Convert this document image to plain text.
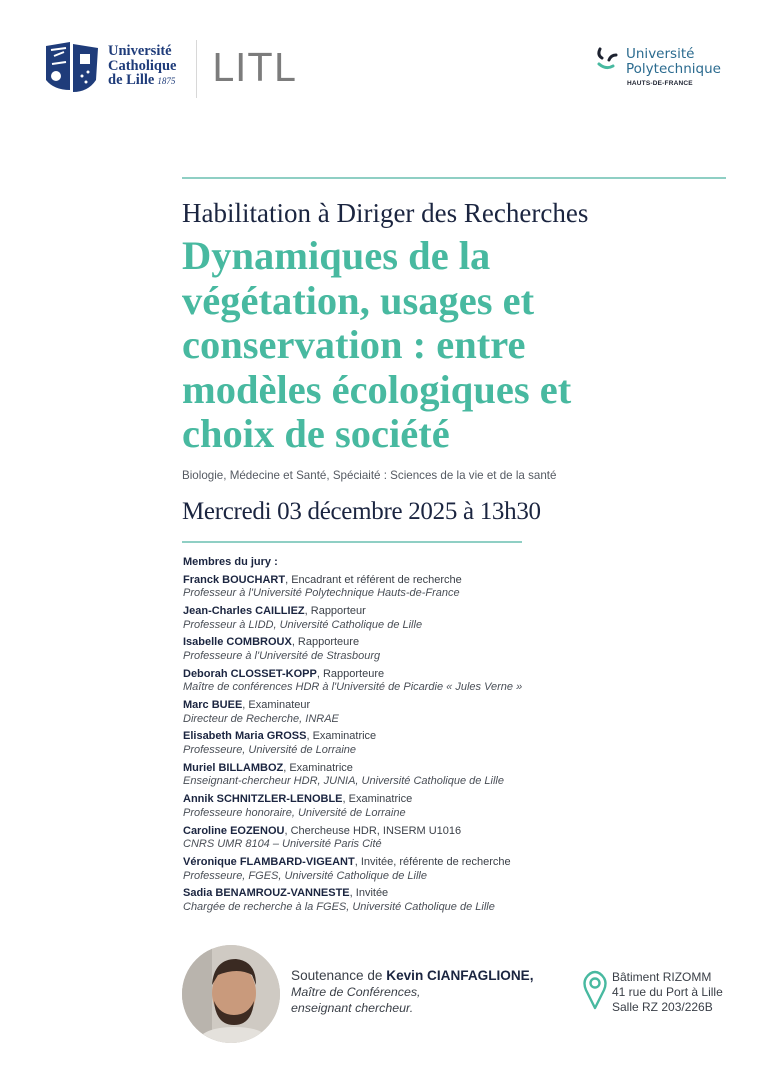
Université
Catholique
de Lille 1875 LITL	Université
Polytechnique
HAUTS-DE-FRANCE
Habilitation à Diriger des Recherches
Dynamiques de la
végétation, usages et
conservation : entre
modèles écologiques et
choix de société
Biologie, Médecine et Santé, Spéciaité : Sciences de la vie et de la santé
Mercredi 03 décembre 2025 à 13h30
Membres du jury :
Franck BOUCHART, Encadrant et référent de recherche
Professeur à l'Université Polytechnique Hauts-de-France
Jean-Charles CAILLIEZ, Rapporteur
Professeur à LIDD, Université Catholique de Lille
Isabelle COMBROUX, Rapporteure
Professeure à l'Université de Strasbourg
Deborah CLOSSET-KOPP, Rapporteure
Maître de conférences HDR à l'Université de Picardie « Jules Verne »
Marc BUEE, Examinateur
Directeur de Recherche, INRAE
Elisabeth Maria GROSS, Examinatrice
Professeure, Université de Lorraine
Muriel BILLAMBOZ, Examinatrice
Enseignant-chercheur HDR, JUNIA, Université Catholique de Lille
Annik SCHNITZLER-LENOBLE, Examinatrice
Professeure honoraire, Université de Lorraine
Caroline EOZENOU, Chercheuse HDR, INSERM U1016
CNRS UMR 8104 – Université Paris Cité
Véronique FLAMBARD-VIGEANT, Invitée, référente de recherche
Professeure, FGES, Université Catholique de Lille
Sadia BENAMROUZ-VANNESTE, Invitée
Chargée de recherche à la FGES, Université Catholique de Lille
Soutenance de Kevin CIANFAGLIONE,
Maître de Conférences,
enseignant chercheur.
Bâtiment RIZOMM
41 rue du Port à Lille
Salle RZ 203/226B
